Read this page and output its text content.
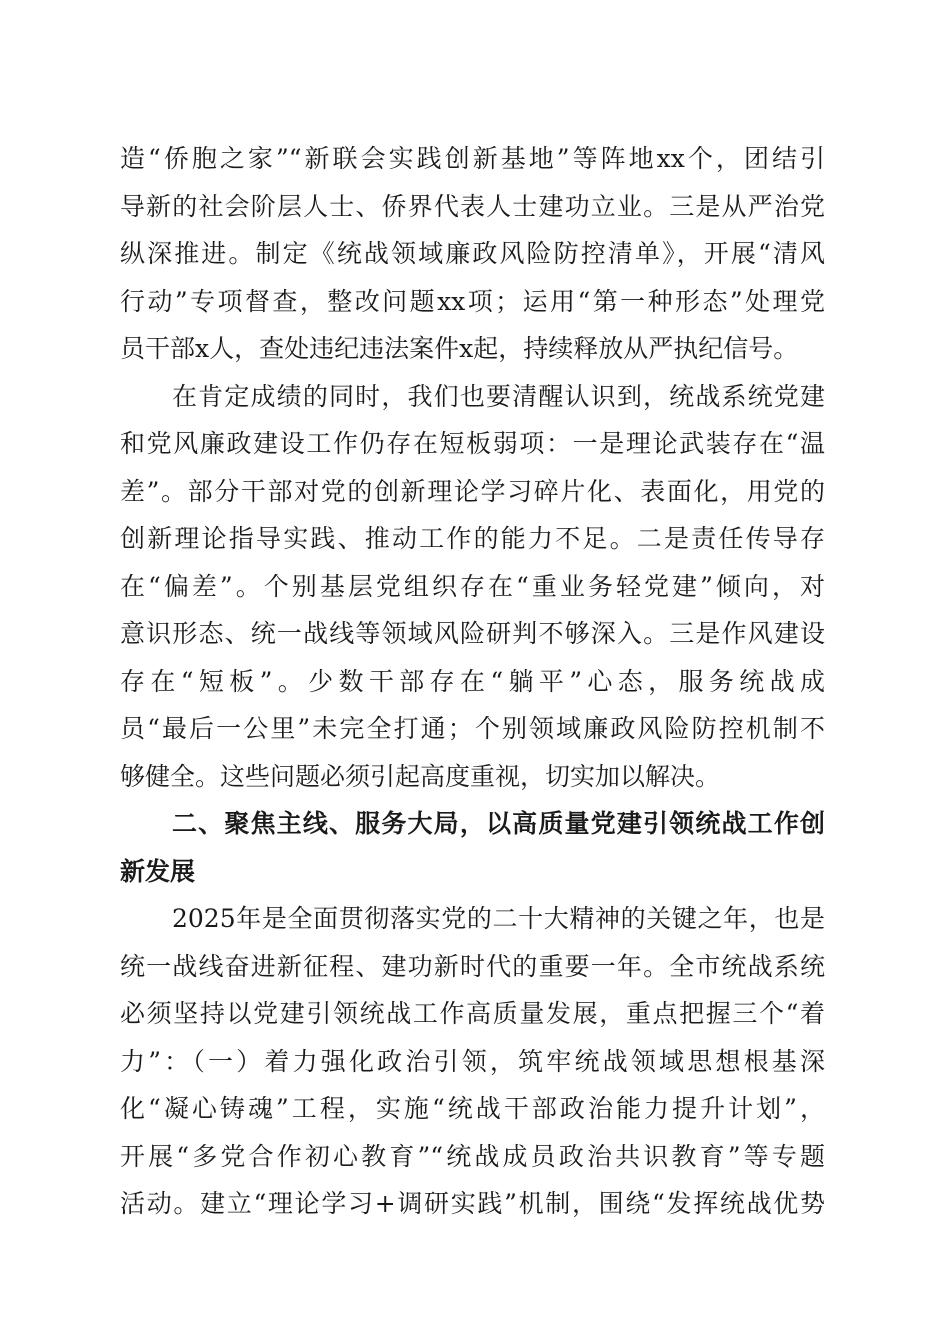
造“侨胞之家”“新联会实践创新基地”等阵地xx个，团结引
导新的社会阶层人士、侨界代表人士建功立业。三是从严治党
纵深推进。制定《统战领域廉政风险防控清单》，开展“清风
行动”专项督查，整改问题xx项；运用“第一种形态”处理党
员干部x人，查处违纪违法案件x起，持续释放从严执纪信号。
在肯定成绩的同时，我们也要清醒认识到，统战系统党建
和党风廉政建设工作仍存在短板弱项：一是理论武装存在“温
差”。部分干部对党的创新理论学习碎片化、表面化，用党的
创新理论指导实践、推动工作的能力不足。二是责任传导存
在“偏差”。个别基层党组织存在“重业务轻党建”倾向，对
意识形态、统一战线等领域风险研判不够深入。三是作风建设
存在“短板”。少数干部存在“躺平”心态，服务统战成
员“最后一公里”未完全打通；个别领域廉政风险防控机制不
够健全。这些问题必须引起高度重视，切实加以解决。
二、聚焦主线、服务大局，以高质量党建引领统战工作创
新发展
2025年是全面贯彻落实党的二十大精神的关键之年，也是
统一战线奋进新征程、建功新时代的重要一年。全市统战系统
必须坚持以党建引领统战工作高质量发展，重点把握三个“着
力”：（一）着力强化政治引领，筑牢统战领域思想根基深
化“凝心铸魂”工程，实施“统战干部政治能力提升计划”，
开展“多党合作初心教育”“统战成员政治共识教育”等专题
活动。建立“理论学习+调研实践”机制，围绕“发挥统战优势
